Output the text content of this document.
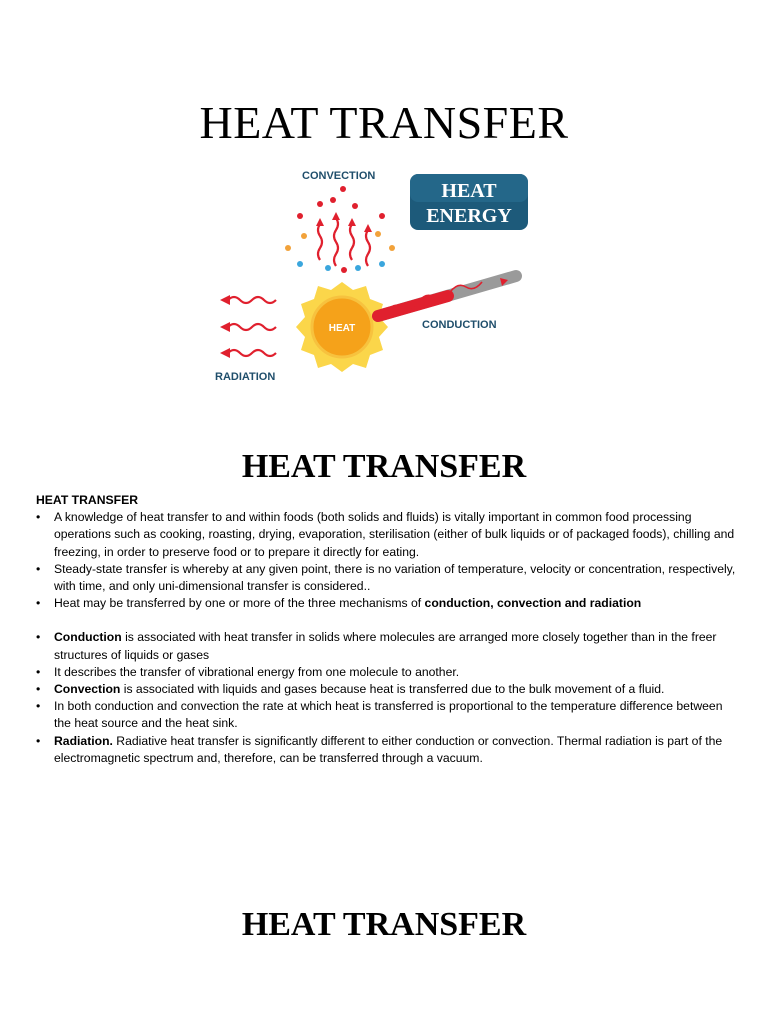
HEAT TRANSFER
CONVECTION
HEAT
ENERGY
HEAT	CONDUCTION
RADIATION
HEAT TRANSFER

HEAT TRANSFER

• A knowledge of heat transfer to and within foods (both solids and fluids) is vitally important in common food processing operations such as cooking, roasting, drying, evaporation, sterilisation (either of bulk liquids or of packaged foods), chilling and freezing, in order to preserve food or to prepare it directly for eating.
• Steady-state transfer is whereby at any given point, there is no variation of temperature, velocity or concentration, respectively, with time, and only uni-dimensional transfer is considered..
• Heat may be transferred by one or more of the three mechanisms of conduction, convection and radiation
• Conduction is associated with heat transfer in solids where molecules are arranged more closely together than in the freer structures of liquids or gases
• It describes the transfer of vibrational energy from one molecule to another.
• Convection is associated with liquids and gases because heat is transferred due to the bulk movement of a fluid.
• In both conduction and convection the rate at which heat is transferred is proportional to the temperature difference between the heat source and the heat sink.
• Radiation. Radiative heat transfer is significantly different to either conduction or convection. Thermal radiation is part of the electromagnetic spectrum and, therefore, can be transferred through a vacuum.
HEAT TRANSFER
